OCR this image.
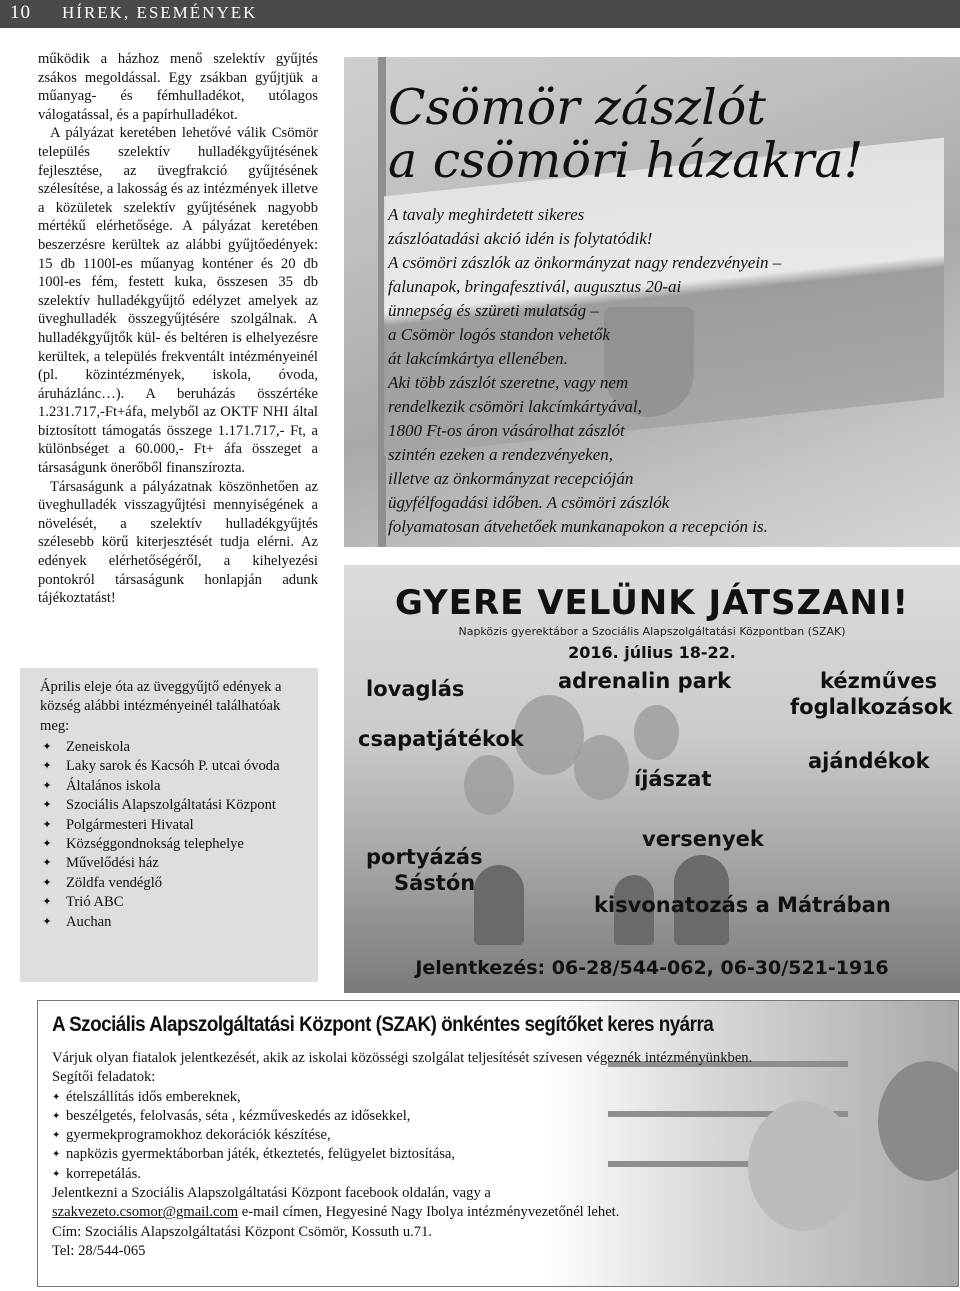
10 HÍREK, ESEMÉNYEK

működik a házhoz menő szelektív gyűjtés zsákos megoldással. Egy zsákban gyűjtjük a műanyag- és fémhulladékot, utólagos válogatással, és a papírhulladékot.

A pályázat keretében lehetővé válik Csömör település szelektív hulladékgyűjtésének fejlesztése, az üvegfrakció gyűjtésének szélesítése, a lakosság és az intézmények illetve a közületek szelektív gyűjtésének nagyobb mértékű elérhetősége. A pályázat keretében beszerzésre kerültek az alábbi gyűjtőedények: 15 db 1100l-es műanyag konténer és 20 db 100l-es fém, festett kuka, összesen 35 db szelektív hulladékgyűjtő edélyzet amelyek az üveghulladék összegyűjtésére szolgálnak. A hulladékgyűjtők kül- és beltéren is elhelyezésre kerültek, a település frekventált intézményeinél (pl. közintézmények, iskola, óvoda, áruházlánc…). A beruházás összértéke 1.231.717,-Ft+áfa, melyből az OKTF NHI által biztosított támogatás összege 1.171.717,- Ft, a különbséget a 60.000,- Ft+ áfa összeget a társaságunk önerőből finanszírozta.

Társaságunk a pályázatnak köszönhetően az üveghulladék visszagyűjtési mennyiségének a növelését, a szelektív hulladékgyűjtés szélesebb körű kiterjesztését tudja elérni. Az edények elérhetőségéről, a kihelyezési pontokról társaságunk honlapján adunk tájékoztatást!

Április eleje óta az üveggyűjtő edények a község alábbi intézményeinél találhatóak meg:
✦ Zeneiskola
✦ Laky sarok és Kacsóh P. utcai óvoda
✦ Általános iskola
✦ Szociális Alapszolgáltatási Központ
✦ Polgármesteri Hivatal
✦ Községgondnokság telephelye
✦ Művelődési ház
✦ Zöldfa vendéglő
✦ Trió ABC
✦ Auchan
Csömör zászlót
a csömöri házakra!

A tavaly meghirdetett sikeres

zászlóatadási akció idén is folytatódik!

A csömöri zászlók az önkormányzat nagy rendezvényein –

falunapok, bringafesztivál, augusztus 20-ai

ünnepség és szüreti mulatság –

a Csömör logós standon vehetők

át lakcímkártya ellenében.

Aki több zászlót szeretne, vagy nem

rendelkezik csömöri lakcímkártyával,

1800 Ft-os áron vásárolhat zászlót

szintén ezeken a rendezvényeken,

illetve az önkormányzat recepcióján

ügyfélfogadási időben. A csömöri zászlók

folyamatosan átvehetőek munkanapokon a recepción is.

GYERE VELÜNK JÁTSZANI!
Napközis gyerektábor a Szociális Alapszolgáltatási Központban (SZAK)
2016. július 18-22.
lovaglás	adrenalin park	kézműves
foglalkozások
csapatjátékok
íjászat
ajándékok
versenyek
portyázás
Sástón
kisvonatozás a Mátrában
Jelentkezés: 06-28/544-062, 06-30/521-1916
A Szociális Alapszolgáltatási Központ (SZAK) önkéntes segítőket keres nyárra

Várjuk olyan fiatalok jelentkezését, akik az iskolai közösségi szolgálat teljesítését szívesen végeznék intézményünkben.

Segítői feladatok:

✦ ételszállítás idős embereknek,
✦ beszélgetés, felolvasás, séta , kézműveskedés az idősekkel,
✦ gyermekprogramokhoz dekorációk készítése,
✦ napközis gyermektáborban játék, étkeztetés, felügyelet biztosítása,
✦ korrepetálás.

Jelentkezni a Szociális Alapszolgáltatási Központ facebook oldalán, vagy a

szakvezeto.csomor@gmail.com e-mail címen, Hegyesiné Nagy Ibolya intézményvezetőnél lehet.

Cím: Szociális Alapszolgáltatási Központ Csömör, Kossuth u.71.

Tel: 28/544-065
